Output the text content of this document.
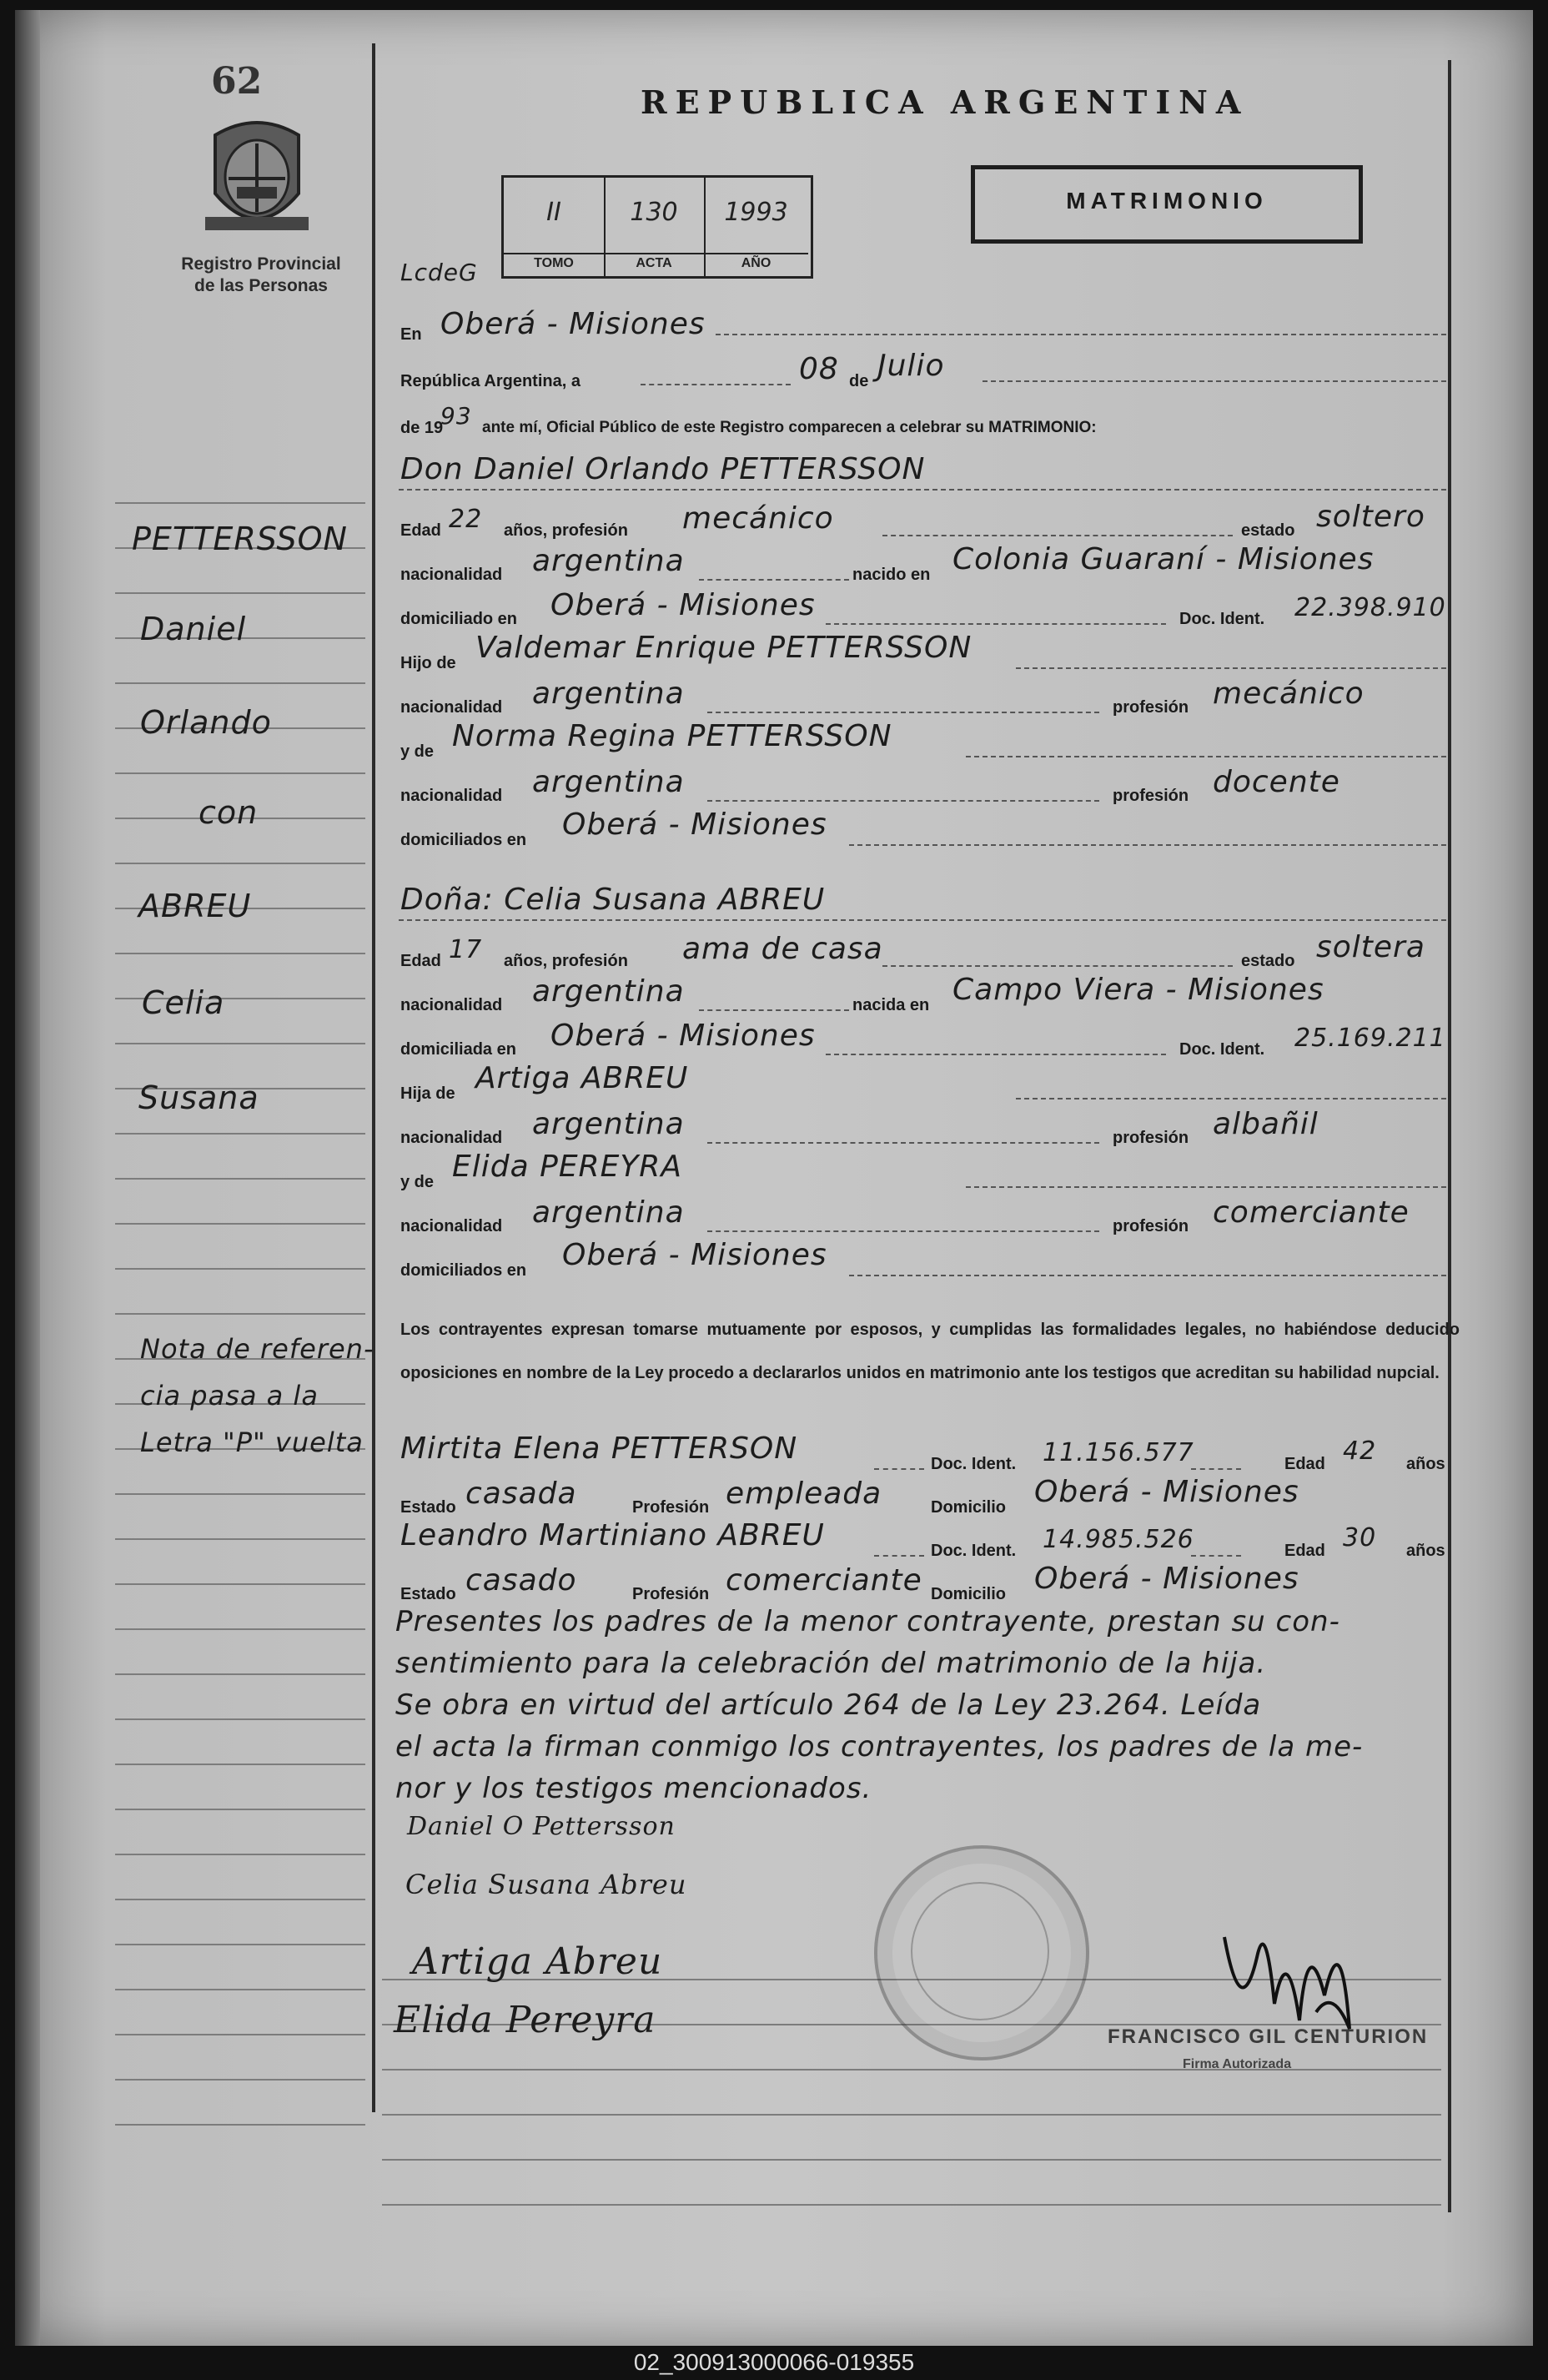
62
Registro Provincial
de las Personas
REPUBLICA ARGENTINA
MATRIMONIO
II
TOMO
130
ACTA
1993
AÑO
LcdeG
En Oberá - Misiones
República Argentina, a	08 de Julio
de 19
93 ante mí, Oficial Público de este Registro comparecen a celebrar su MATRIMONIO:
Don Daniel Orlando PETTERSSON
Edad 22 años, profesión mecánico	estado soltero
nacionalidad argentina	nacido en Colonia Guaraní - Misiones
domiciliado en Oberá - Misiones	Doc. Ident. 22.398.910
Hijo de Valdemar Enrique PETTERSSON
nacionalidad argentina	profesión mecánico
y de Norma Regina PETTERSSON
nacionalidad argentina	profesión docente
domiciliados en Oberá - Misiones
Doña: Celia Susana ABREU
Edad 17 años, profesión ama de casa	estado soltera
nacionalidad argentina	nacida en Campo Viera - Misiones
domiciliada en Oberá - Misiones	Doc. Ident. 25.169.211
Hija de Artiga ABREU
nacionalidad argentina	profesión albañil
y de Elida PEREYRA
nacionalidad argentina	profesión comerciante
domiciliados en Oberá - Misiones
Los contrayentes expresan tomarse mutuamente por esposos, y cumplidas las formalidades legales, no habiéndose deducido oposiciones en nombre de la Ley procedo a declararlos unidos en matrimonio ante los testigos que acreditan su habilidad nupcial.
Mirtita Elena PETTERSON	Doc. Ident. 11.156.577	Edad 42 años
Estado casada	Profesión empleada	Domicilio Oberá - Misiones
Leandro Martiniano ABREU	Doc. Ident. 14.985.526	Edad 30 años
Estado casado	Profesión comerciante Domicilio Oberá - Misiones
Presentes los padres de la menor contrayente, prestan su con-
sentimiento para la celebración del matrimonio de la hija.
Se obra en virtud del artículo 264 de la Ley 23.264. Leída
el acta la firman conmigo los contrayentes, los padres de la me-
nor y los testigos mencionados.
Daniel O Pettersson
Celia Susana Abreu
Artiga Abreu
Elida Pereyra
PETTERSSON
Daniel
Orlando
con
ABREU
Celia
Susana
Nota de referen-
cia pasa a la
Letra "P" vuelta
FRANCISCO GIL CENTURION
Firma Autorizada
02_300913000066-019355
